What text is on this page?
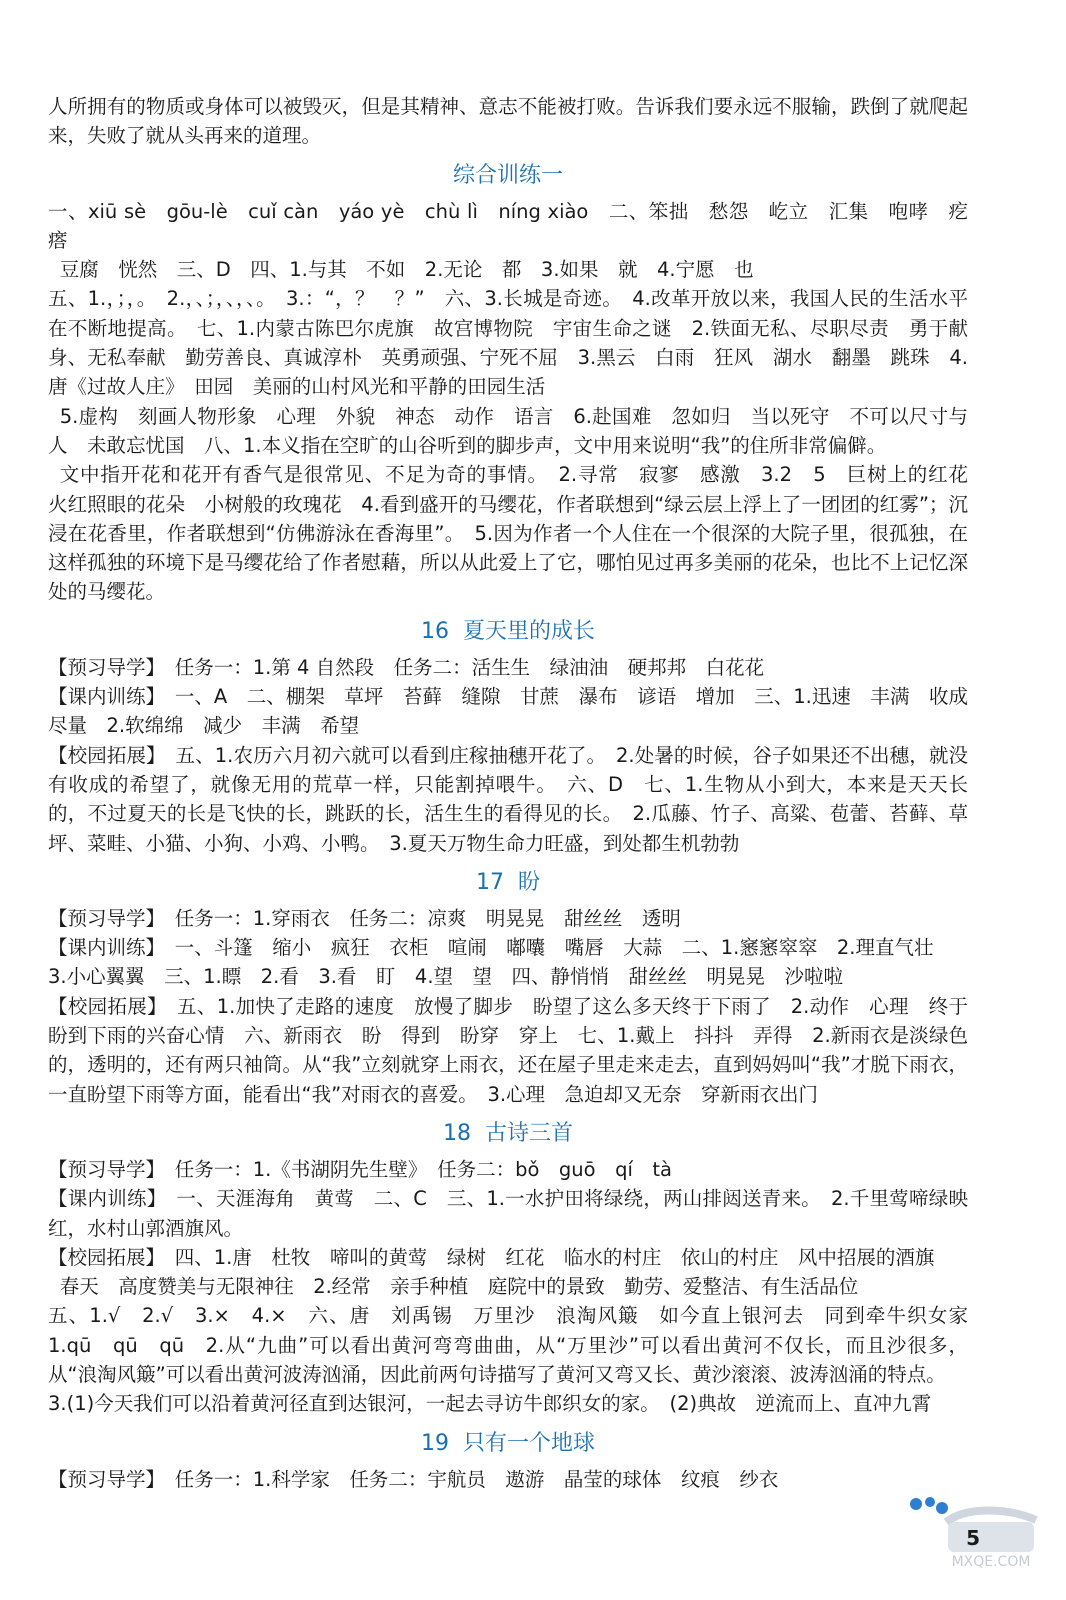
人所拥有的物质或身体可以被毁灭，但是其精神、意志不能被打败。告诉我们要永远不服输，跌倒了就爬起来，失败了就从头再来的道理。

综合训练一

一、xiū sè　gōu-lè　cuǐ càn　yáo yè　chù lì　níng xiào　二、笨拙　愁怨　屹立　汇集　咆哮　疙瘩

豆腐　恍然　三、D　四、1.与其　不如　2.无论　都　3.如果　就　4.宁愿　也

五、1.，；，。　2.，、；，、，、。　3.：“，？　？”　六、3.长城是奇迹。　4.改革开放以来，我国人民的生活水平在不断地提高。　七、1.内蒙古陈巴尔虎旗　故宫博物院　宇宙生命之谜　2.铁面无私、尽职尽责　勇于献身、无私奉献　勤劳善良、真诚淳朴　英勇顽强、宁死不屈　3.黑云　白雨　狂风　湖水　翻墨　跳珠　4.唐《过故人庄》　田园　美丽的山村风光和平静的田园生活

5.虚构　刻画人物形象　心理　外貌　神态　动作　语言　6.赴国难　忽如归　当以死守　不可以尺寸与人　未敢忘忧国　八、1.本义指在空旷的山谷听到的脚步声，文中用来说明“我”的住所非常偏僻。

文中指开花和花开有香气是很常见、不足为奇的事情。　2.寻常　寂寥　感激　3.2　5　巨树上的红花　火红照眼的花朵　小树般的玫瑰花　4.看到盛开的马缨花，作者联想到“绿云层上浮上了一团团的红雾”；沉浸在花香里，作者联想到“仿佛游泳在香海里”。　5.因为作者一个人住在一个很深的大院子里，很孤独，在这样孤独的环境下是马缨花给了作者慰藉，所以从此爱上了它，哪怕见过再多美丽的花朵，也比不上记忆深处的马缨花。

16 夏天里的成长

【预习导学】　任务一：1.第 4 自然段　任务二：活生生　绿油油　硬邦邦　白花花

【课内训练】　一、A　二、棚架　草坪　苔藓　缝隙　甘蔗　瀑布　谚语　增加　三、1.迅速　丰满　收成　尽量　2.软绵绵　减少　丰满　希望

【校园拓展】　五、1.农历六月初六就可以看到庄稼抽穗开花了。　2.处暑的时候，谷子如果还不出穗，就没有收成的希望了，就像无用的荒草一样，只能割掉喂牛。　六、D　七、1.生物从小到大，本来是天天长的，不过夏天的长是飞快的长，跳跃的长，活生生的看得见的长。　2.瓜藤、竹子、高粱、苞蕾、苔藓、草坪、菜畦、小猫、小狗、小鸡、小鸭。　3.夏天万物生命力旺盛，到处都生机勃勃

17 盼

【预习导学】　任务一：1.穿雨衣　任务二：凉爽　明晃晃　甜丝丝　透明

【课内训练】　一、斗篷　缩小　疯狂　衣柜　喧闹　嘟囔　嘴唇　大蒜　二、1.窸窸窣窣　2.理直气壮

3.小心翼翼　三、1.瞟　2.看　3.看　盯　4.望　望　四、静悄悄　甜丝丝　明晃晃　沙啦啦

【校园拓展】　五、1.加快了走路的速度　放慢了脚步　盼望了这么多天终于下雨了　2.动作　心理　终于盼到下雨的兴奋心情　六、新雨衣　盼　得到　盼穿　穿上　七、1.戴上　抖抖　弄得　2.新雨衣是淡绿色的，透明的，还有两只袖筒。从“我”立刻就穿上雨衣，还在屋子里走来走去，直到妈妈叫“我”才脱下雨衣，一直盼望下雨等方面，能看出“我”对雨衣的喜爱。　3.心理　急迫却又无奈　穿新雨衣出门

18 古诗三首

【预习导学】　任务一：1.《书湖阴先生壁》　任务二：bǒ　guō　qí　tà

【课内训练】　一、天涯海角　黄莺　二、C　三、1.一水护田将绿绕，两山排闼送青来。　2.千里莺啼绿映红，水村山郭酒旗风。

【校园拓展】　四、1.唐　杜牧　啼叫的黄莺　绿树　红花　临水的村庄　依山的村庄　风中招展的酒旗

春天　高度赞美与无限神往　2.经常　亲手种植　庭院中的景致　勤劳、爱整洁、有生活品位

五、1.√　2.√　3.×　4.×　六、唐　刘禹锡　万里沙　浪淘风簸　如今直上银河去　同到牵牛织女家　1.qū　qū　qū　2.从“九曲”可以看出黄河弯弯曲曲，从“万里沙”可以看出黄河不仅长，而且沙很多，从“浪淘风簸”可以看出黄河波涛汹涌，因此前两句诗描写了黄河又弯又长、黄沙滚滚、波涛汹涌的特点。

3.(1)今天我们可以沿着黄河径直到达银河，一起去寻访牛郎织女的家。　(2)典故　逆流而上、直冲九霄

19 只有一个地球

【预习导学】　任务一：1.科学家　任务二：宇航员　遨游　晶莹的球体　纹痕　纱衣

MXQE.COM
5
